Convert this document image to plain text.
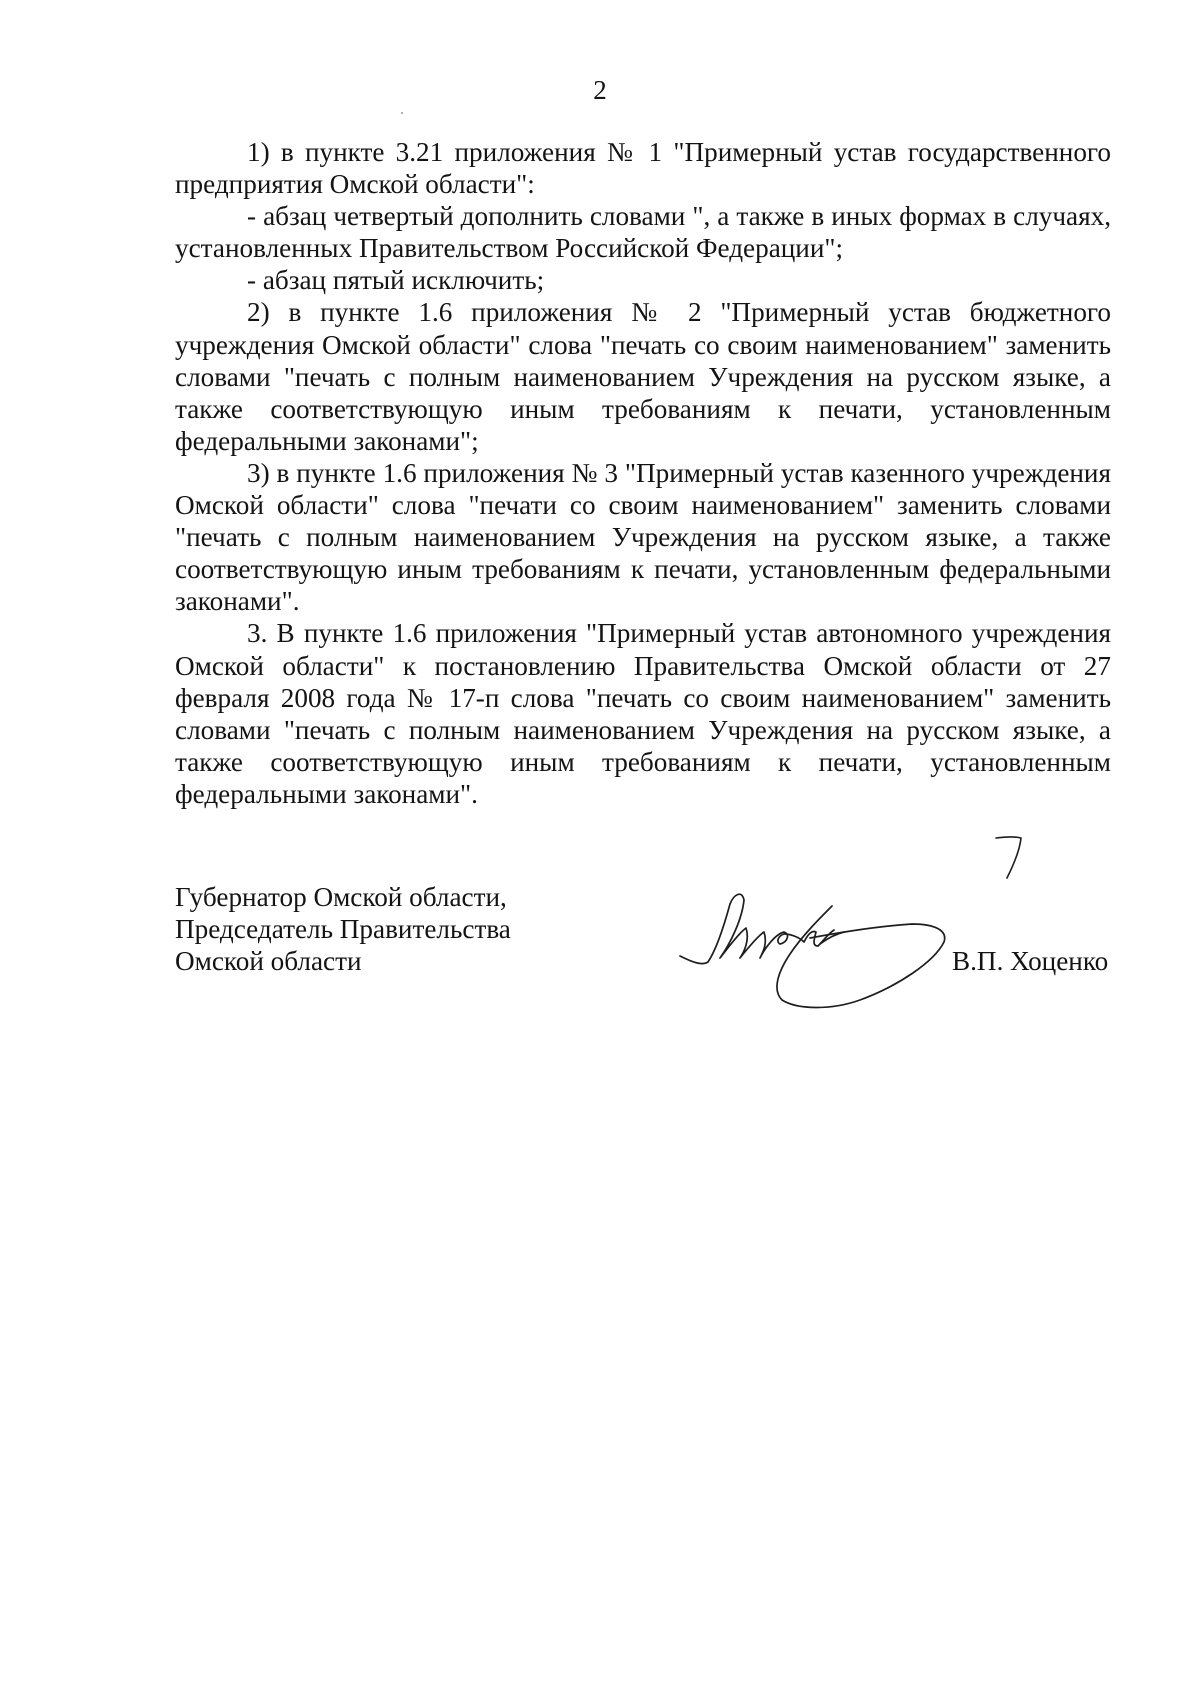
2

1) в пункте 3.21 приложения № 1 "Примерный устав государственного предприятия Омской области":

- абзац четвертый дополнить словами ", а также в иных формах в случаях, установленных Правительством Российской Федерации";

- абзац пятый исключить;

2) в пункте 1.6 приложения № 2 "Примерный устав бюджетного учреждения Омской области" слова "печать со своим наименованием" заменить словами "печать с полным наименованием Учреждения на русском языке, а также соответствующую иным требованиям к печати, установленным федеральными законами";

3) в пункте 1.6 приложения № 3 "Примерный устав казенного учреждения Омской области" слова "печати со своим наименованием" заменить словами "печать с полным наименованием Учреждения на русском языке, а также соответствующую иным требованиям к печати, установленным федеральными законами".

3. В пункте 1.6 приложения "Примерный устав автономного учреждения Омской области" к постановлению Правительства Омской области от 27 февраля 2008 года № 17-п слова "печать со своим наименованием" заменить словами "печать с полным наименованием Учреждения на русском языке, а также соответствующую иным требованиям к печати, установленным федеральными законами".

Губернатор Омской области,
Председатель Правительства
Омской области	В.П. Хоценко
